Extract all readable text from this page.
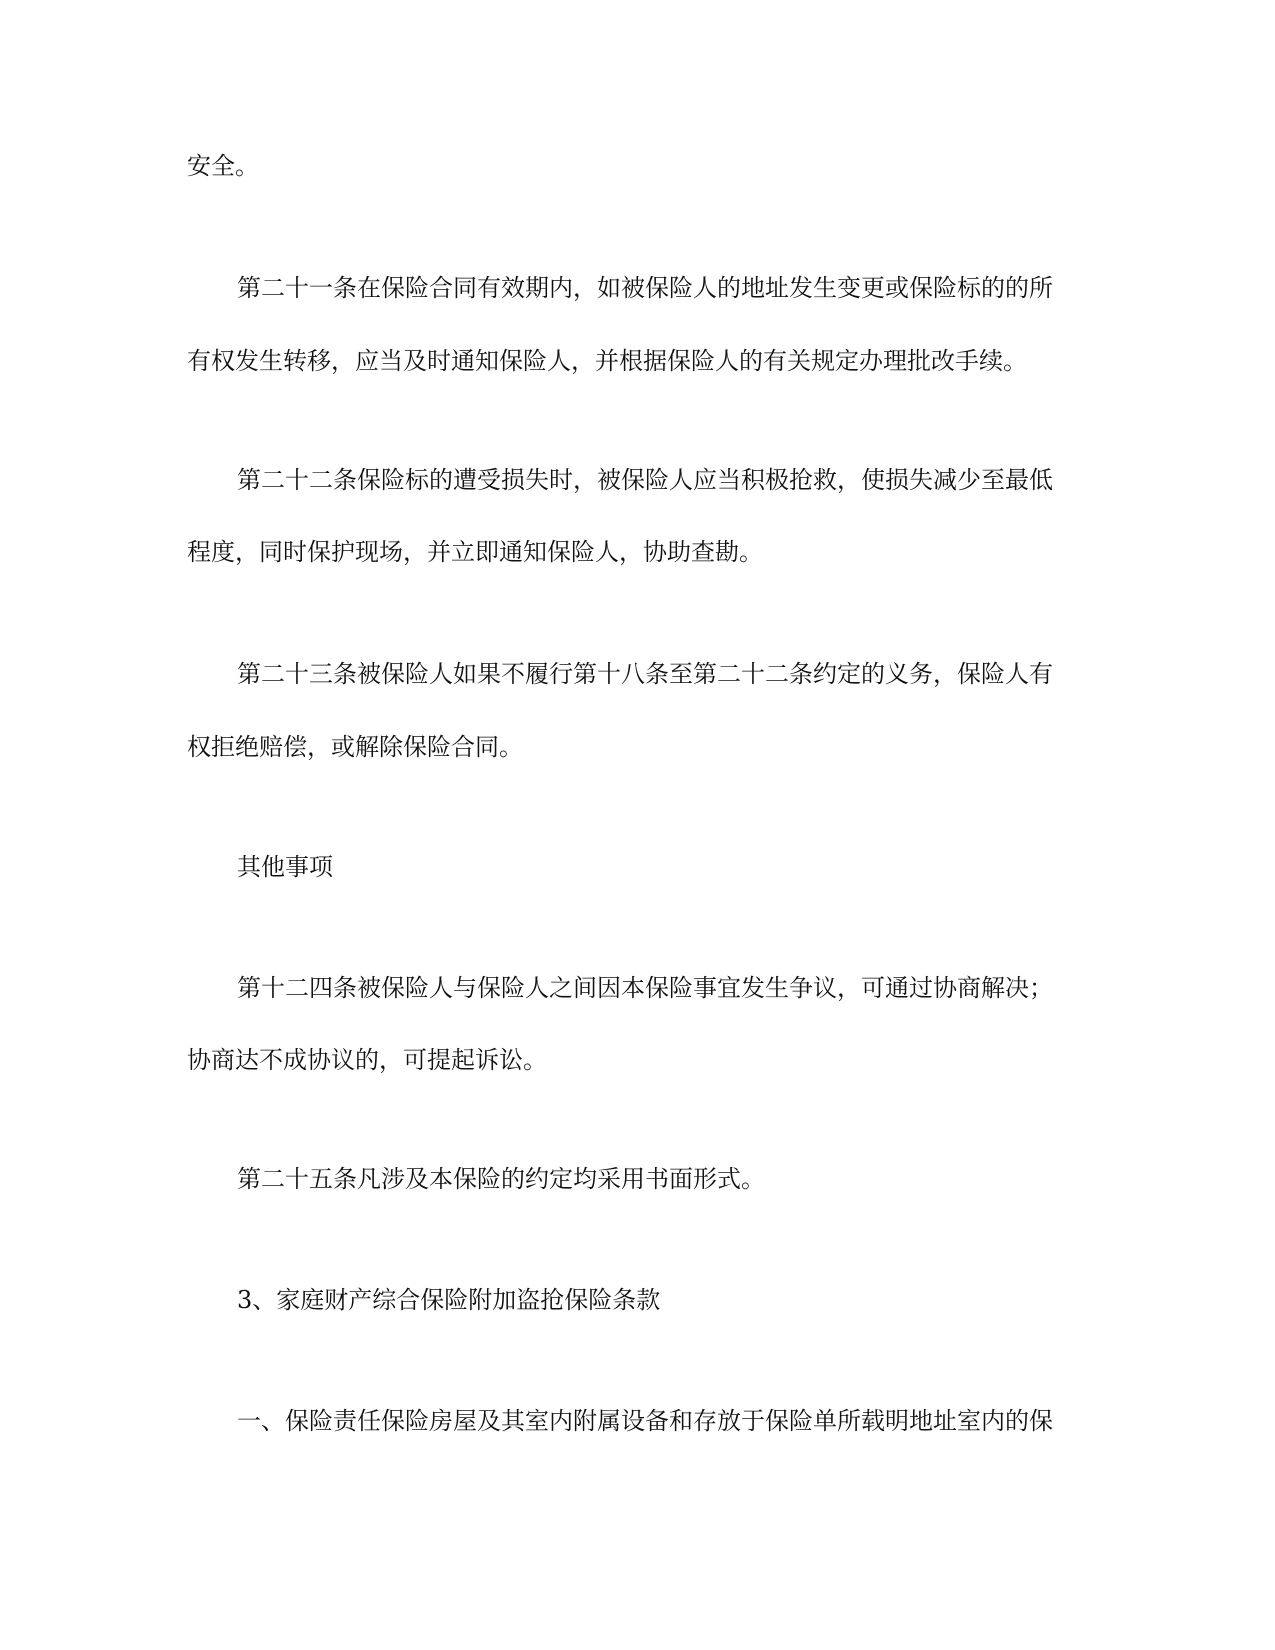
安全。

第二十一条在保险合同有效期内，如被保险人的地址发生变更或保险标的的所

有权发生转移，应当及时通知保险人，并根据保险人的有关规定办理批改手续。

第二十二条保险标的遭受损失时，被保险人应当积极抢救，使损失减少至最低

程度，同时保护现场，并立即通知保险人，协助查勘。

第二十三条被保险人如果不履行第十八条至第二十二条约定的义务，保险人有

权拒绝赔偿，或解除保险合同。

其他事项

第十二四条被保险人与保险人之间因本保险事宜发生争议，可通过协商解决；

协商达不成协议的，可提起诉讼。

第二十五条凡涉及本保险的约定均采用书面形式。

3、家庭财产综合保险附加盗抢保险条款

一、保险责任保险房屋及其室内附属设备和存放于保险单所载明地址室内的保
